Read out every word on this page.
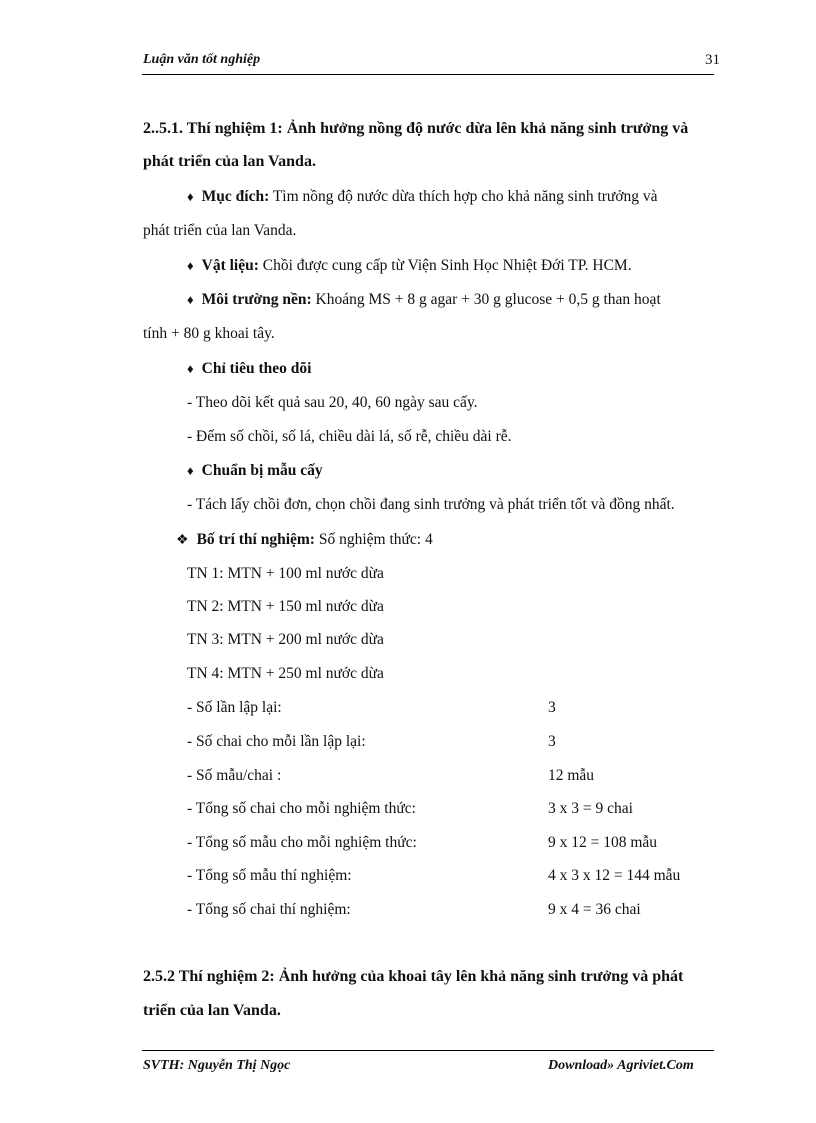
Luận văn tốt nghiệp	31
2..5.1. Thí nghiệm 1: Ảnh hưởng nồng độ nước dừa lên khả năng sinh trưởng và
phát triển của lan Vanda.
♦ Mục đích: Tìm nồng độ nước dừa thích hợp cho khả năng sinh trưởng và
phát triển của lan Vanda.
♦ Vật liệu: Chồi được cung cấp từ Viện Sinh Học Nhiệt Đới TP. HCM.
♦ Môi trường nền: Khoáng MS + 8 g agar + 30 g glucose + 0,5 g than hoạt
tính + 80 g khoai tây.
♦ Chỉ tiêu theo dõi
- Theo dõi kết quả sau 20, 40, 60 ngày sau cấy.
- Đếm số chồi, số lá, chiều dài lá, số rễ, chiều dài rễ.
♦ Chuẩn bị mẫu cấy
- Tách lấy chồi đơn, chọn chồi đang sinh trưởng và phát triển tốt và đồng nhất.
❖ Bố trí thí nghiệm: Số nghiệm thức: 4
TN 1: MTN + 100 ml nước dừa
TN 2: MTN + 150 ml nước dừa
TN 3: MTN + 200 ml nước dừa
TN 4: MTN + 250 ml nước dừa
- Số lần lập lại:	3
- Số chai cho mỗi lần lập lại:	3
- Số mẫu/chai :	12 mẫu
- Tổng số chai cho mỗi nghiệm thức:	3 x 3 = 9 chai
- Tổng số mẫu cho mỗi nghiệm thức:	9 x 12 = 108 mẫu
- Tổng số mẫu thí nghiệm:	4 x 3 x 12 = 144 mẫu
- Tổng số chai thí nghiệm:	9 x 4 = 36 chai
2.5.2 Thí nghiệm 2: Ảnh hưởng của khoai tây lên khả năng sinh trưởng và phát
triển của lan Vanda.
SVTH: Nguyễn Thị Ngọc	Download» Agriviet.Com
